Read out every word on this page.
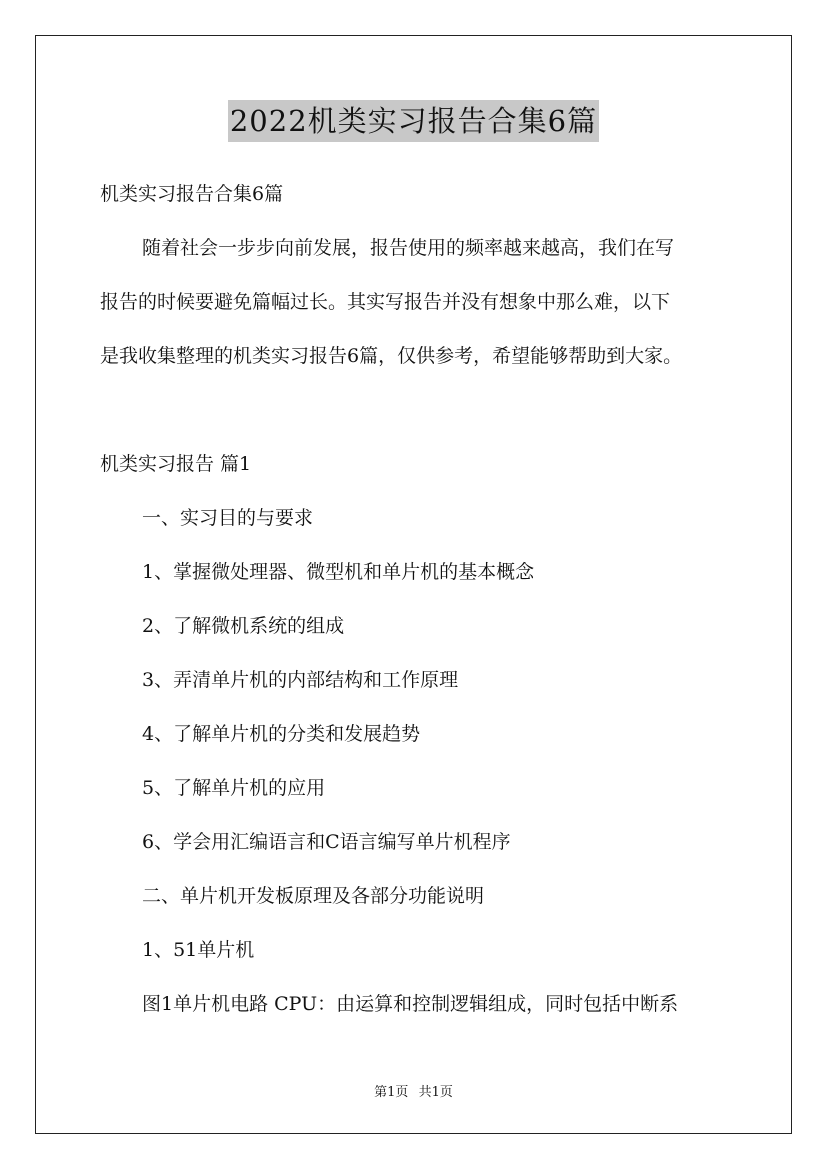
2022机类实习报告合集6篇
机类实习报告合集6篇
随着社会一步步向前发展，报告使用的频率越来越高，我们在写
报告的时候要避免篇幅过长。其实写报告并没有想象中那么难，以下
是我收集整理的机类实习报告6篇，仅供参考，希望能够帮助到大家。
机类实习报告 篇1
一、实习目的与要求
1、掌握微处理器、微型机和单片机的基本概念
2、了解微机系统的组成
3、弄清单片机的内部结构和工作原理
4、了解单片机的分类和发展趋势
5、了解单片机的应用
6、学会用汇编语言和C语言编写单片机程序
二、单片机开发板原理及各部分功能说明
1、51单片机
图1单片机电路 CPU：由运算和控制逻辑组成，同时包括中断系
第1页 共1页
